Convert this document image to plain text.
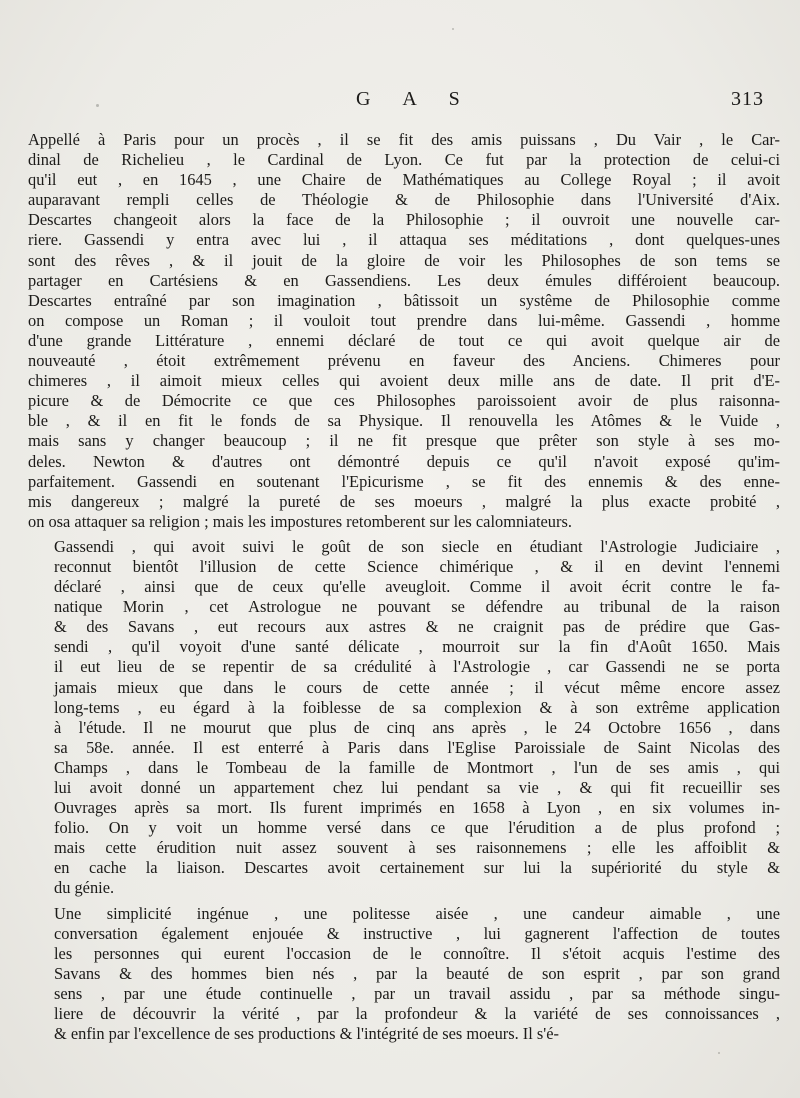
G A S	313
Appellé à Paris pour un procès , il se fit des amis puissans , Du Vair , le Car-
dinal de Richelieu , le Cardinal de Lyon. Ce fut par la protection de celui-ci
qu'il eut , en 1645 , une Chaire de Mathématiques au College Royal ; il avoit
auparavant rempli celles de Théologie & de Philosophie dans l'Université d'Aix.
Descartes changeoit alors la face de la Philosophie ; il ouvroit une nouvelle car-
riere. Gassendi y entra avec lui , il attaqua ses méditations , dont quelques-unes
sont des rêves , & il jouit de la gloire de voir les Philosophes de son tems se
partager en Cartésiens & en Gassendiens. Les deux émules différoient beaucoup.
Descartes entraîné par son imagination , bâtissoit un systême de Philosophie comme
on compose un Roman ; il vouloit tout prendre dans lui-même. Gassendi , homme
d'une grande Littérature , ennemi déclaré de tout ce qui avoit quelque air de
nouveauté , étoit extrêmement prévenu en faveur des Anciens. Chimeres pour
chimeres , il aimoit mieux celles qui avoient deux mille ans de date. Il prit d'E-
picure & de Démocrite ce que ces Philosophes paroissoient avoir de plus raisonna-
ble , & il en fit le fonds de sa Physique. Il renouvella les Atômes & le Vuide ,
mais sans y changer beaucoup ; il ne fit presque que prêter son style à ses mo-
deles. Newton & d'autres ont démontré depuis ce qu'il n'avoit exposé qu'im-
parfaitement. Gassendi en soutenant l'Epicurisme , se fit des ennemis & des enne-
mis dangereux ; malgré la pureté de ses moeurs , malgré la plus exacte probité ,
on osa attaquer sa religion ; mais les impostures retomberent sur les calomniateurs.
Gassendi , qui avoit suivi le goût de son siecle en étudiant l'Astrologie Judiciaire ,
reconnut bientôt l'illusion de cette Science chimérique , & il en devint l'ennemi
déclaré , ainsi que de ceux qu'elle aveugloit. Comme il avoit écrit contre le fa-
natique Morin , cet Astrologue ne pouvant se défendre au tribunal de la raison
& des Savans , eut recours aux astres & ne craignit pas de prédire que Gas-
sendi , qu'il voyoit d'une santé délicate , mourroit sur la fin d'Août 1650. Mais
il eut lieu de se repentir de sa crédulité à l'Astrologie , car Gassendi ne se porta
jamais mieux que dans le cours de cette année ; il vécut même encore assez
long-tems , eu égard à la foiblesse de sa complexion & à son extrême application
à l'étude. Il ne mourut que plus de cinq ans après , le 24 Octobre 1656 , dans
sa 58e. année. Il est enterré à Paris dans l'Eglise Paroissiale de Saint Nicolas des
Champs , dans le Tombeau de la famille de Montmort , l'un de ses amis , qui
lui avoit donné un appartement chez lui pendant sa vie , & qui fit recueillir ses
Ouvrages après sa mort. Ils furent imprimés en 1658 à Lyon , en six volumes in-
folio. On y voit un homme versé dans ce que l'érudition a de plus profond ;
mais cette érudition nuit assez souvent à ses raisonnemens ; elle les affoiblit &
en cache la liaison. Descartes avoit certainement sur lui la supériorité du style &
du génie.
Une simplicité ingénue , une politesse aisée , une candeur aimable , une
conversation également enjouée & instructive , lui gagnerent l'affection de toutes
les personnes qui eurent l'occasion de le connoître. Il s'étoit acquis l'estime des
Savans & des hommes bien nés , par la beauté de son esprit , par son grand
sens , par une étude continuelle , par un travail assidu , par sa méthode singu-
liere de découvrir la vérité , par la profondeur & la variété de ses connoissances ,
& enfin par l'excellence de ses productions & l'intégrité de ses moeurs. Il s'é-
